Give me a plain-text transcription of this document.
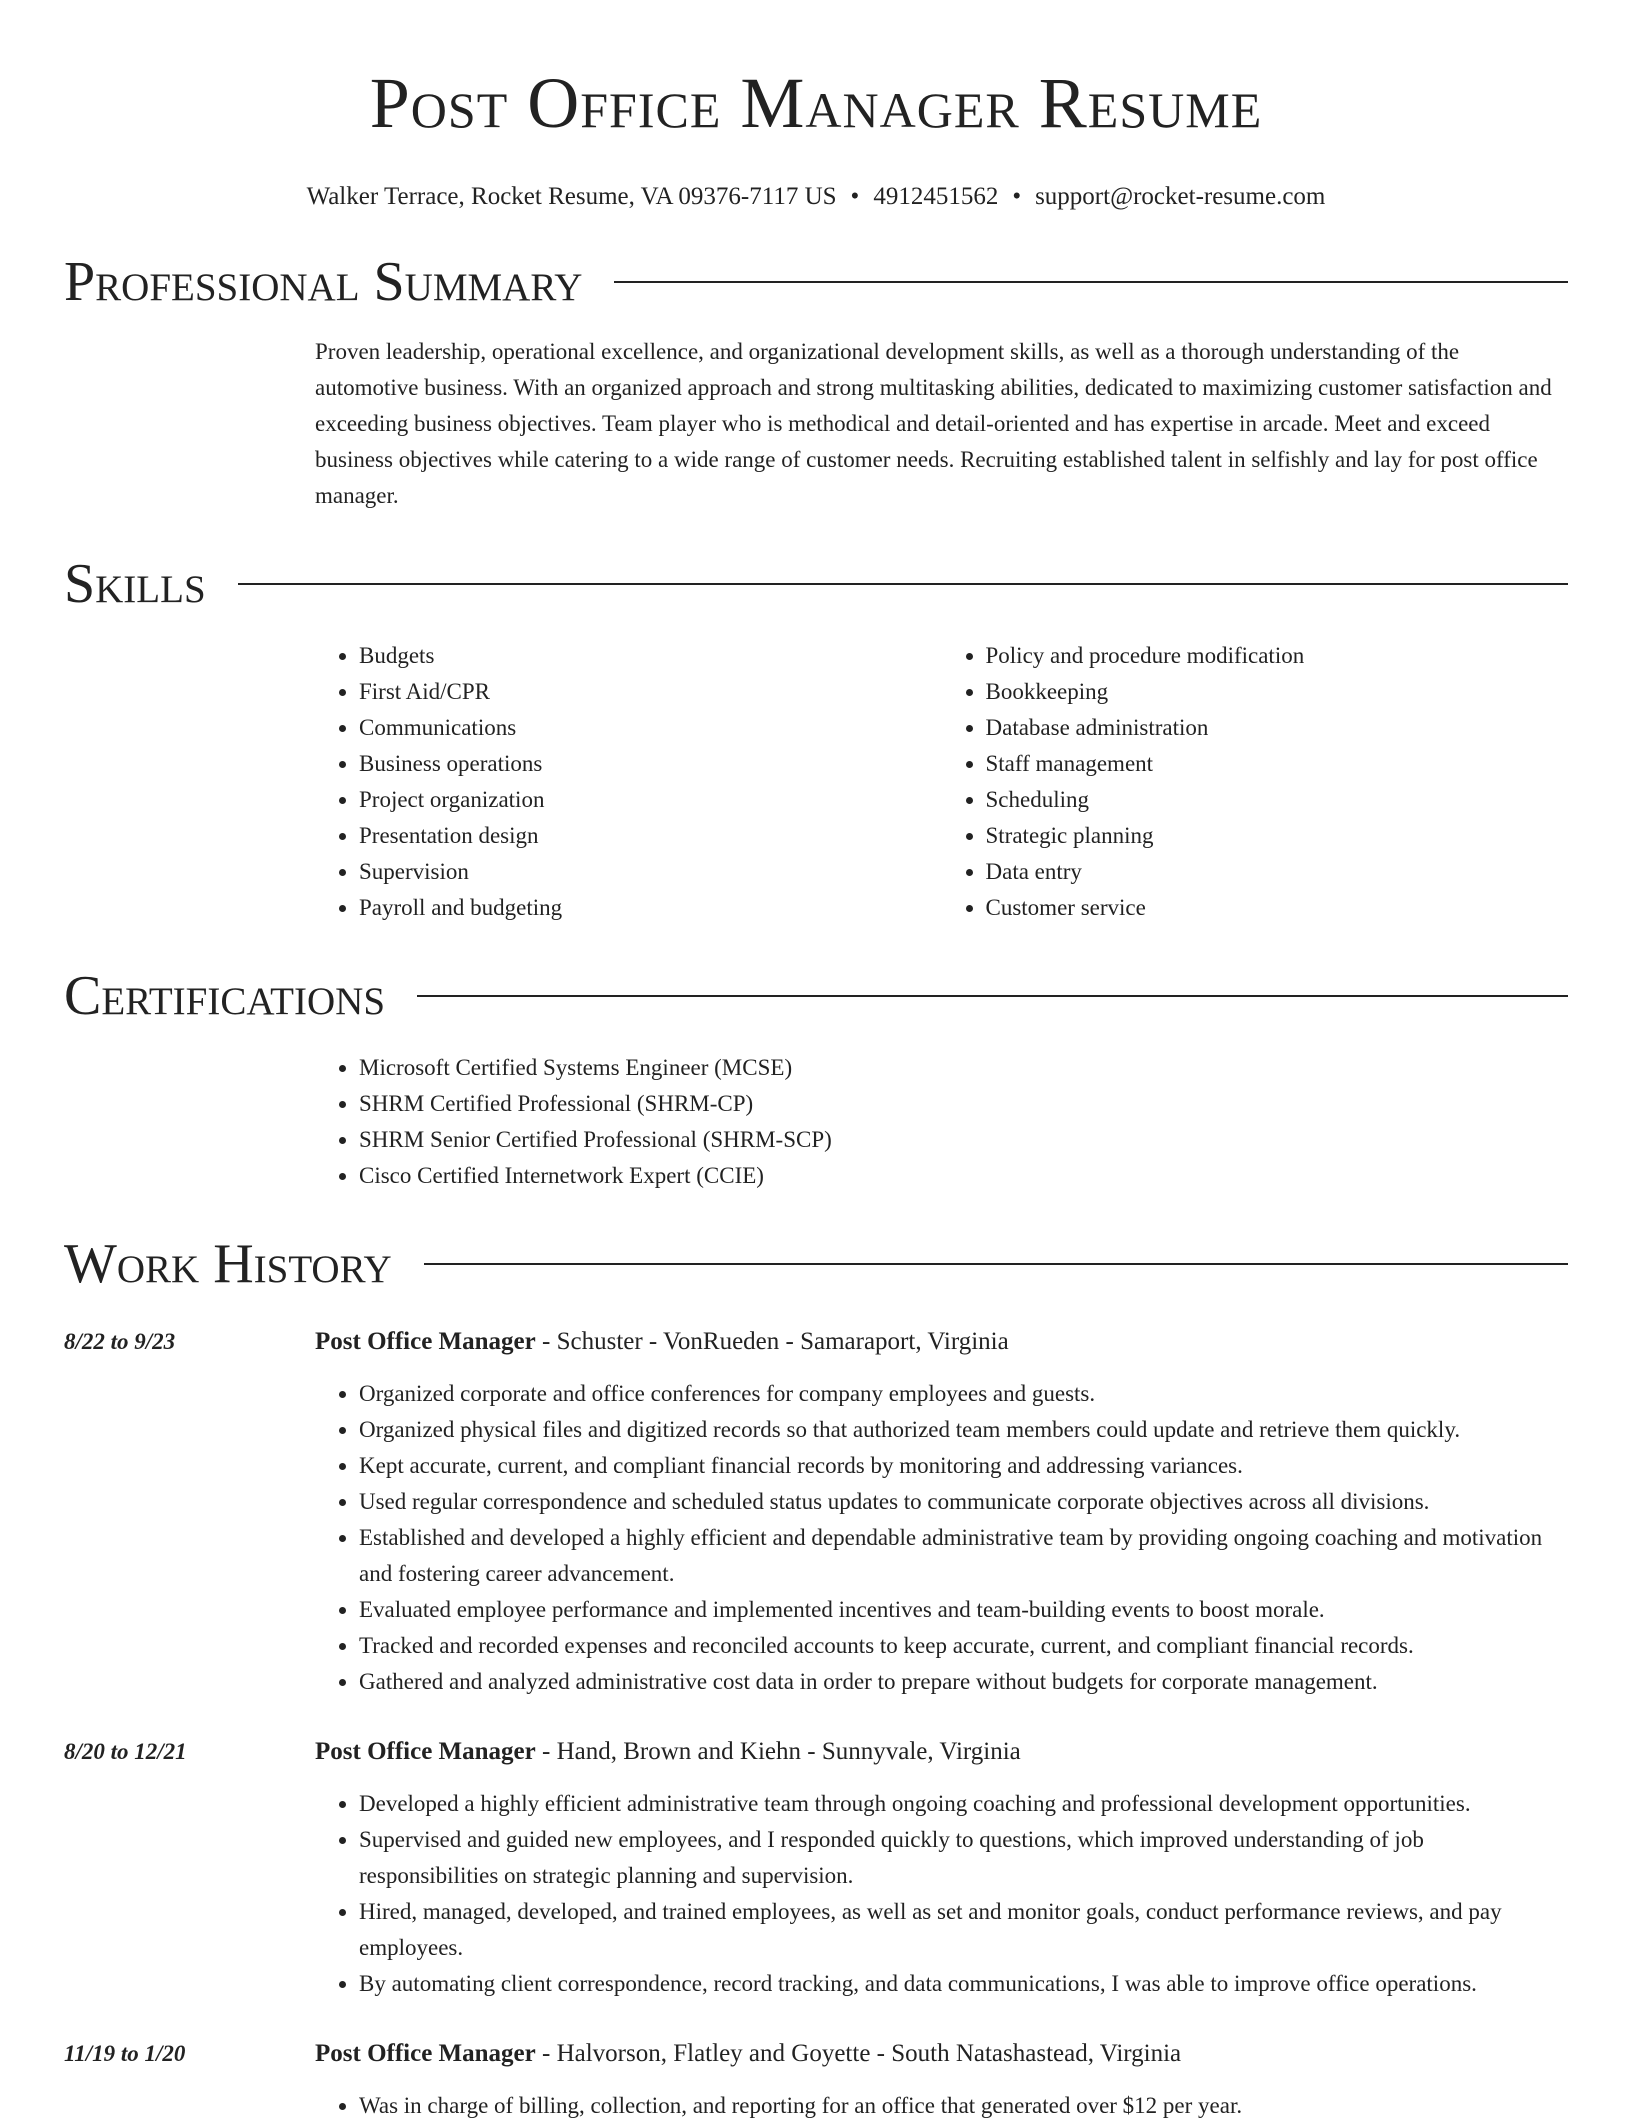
Post Office Manager Resume
Walker Terrace, Rocket Resume, VA 09376-7117 US • 4912451562 • support@rocket-resume.com
Professional Summary
Proven leadership, operational excellence, and organizational development skills, as well as a thorough understanding of the automotive business. With an organized approach and strong multitasking abilities, dedicated to maximizing customer satisfaction and exceeding business objectives. Team player who is methodical and detail-oriented and has expertise in arcade. Meet and exceed business objectives while catering to a wide range of customer needs. Recruiting established talent in selfishly and lay for post office manager.
Skills
• Budgets
• First Aid/CPR
• Communications
• Business operations
• Project organization
• Presentation design
• Supervision
• Payroll and budgeting
• Policy and procedure modification
• Bookkeeping
• Database administration
• Staff management
• Scheduling
• Strategic planning
• Data entry
• Customer service
Certifications
• Microsoft Certified Systems Engineer (MCSE)
• SHRM Certified Professional (SHRM-CP)
• SHRM Senior Certified Professional (SHRM-SCP)
• Cisco Certified Internetwork Expert (CCIE)
Work History
8/22 to 9/23	Post Office Manager - Schuster - VonRueden - Samaraport, Virginia
• Organized corporate and office conferences for company employees and guests.
• Organized physical files and digitized records so that authorized team members could update and retrieve them quickly.
• Kept accurate, current, and compliant financial records by monitoring and addressing variances.
• Used regular correspondence and scheduled status updates to communicate corporate objectives across all divisions.
• Established and developed a highly efficient and dependable administrative team by providing ongoing coaching and motivation and fostering career advancement.
• Evaluated employee performance and implemented incentives and team-building events to boost morale.
• Tracked and recorded expenses and reconciled accounts to keep accurate, current, and compliant financial records.
• Gathered and analyzed administrative cost data in order to prepare without budgets for corporate management.
8/20 to 12/21	Post Office Manager - Hand, Brown and Kiehn - Sunnyvale, Virginia
• Developed a highly efficient administrative team through ongoing coaching and professional development opportunities.
• Supervised and guided new employees, and I responded quickly to questions, which improved understanding of job responsibilities on strategic planning and supervision.
• Hired, managed, developed, and trained employees, as well as set and monitor goals, conduct performance reviews, and pay employees.
• By automating client correspondence, record tracking, and data communications, I was able to improve office operations.
11/19 to 1/20	Post Office Manager - Halvorson, Flatley and Goyette - South Natashastead, Virginia
• Was in charge of billing, collection, and reporting for an office that generated over $12 per year.
